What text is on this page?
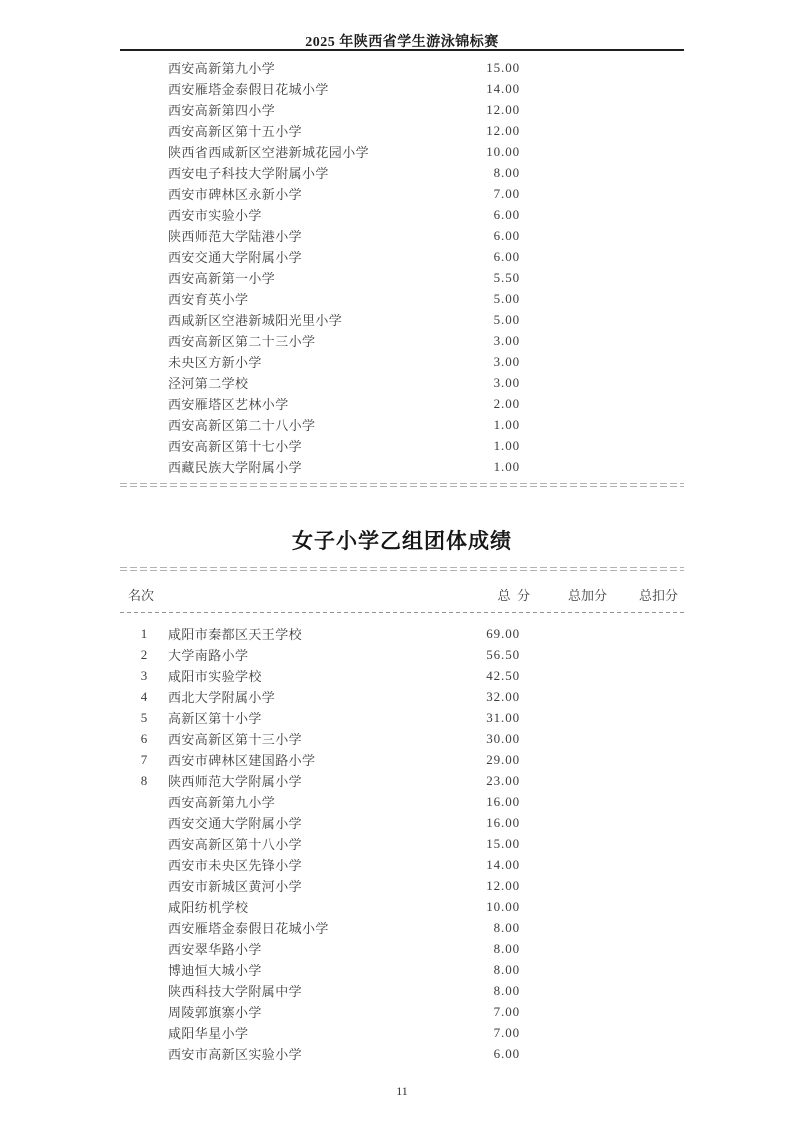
2025 年陕西省学生游泳锦标赛
西安高新第九小学	15.00
西安雁塔金泰假日花城小学	14.00
西安高新第四小学	12.00
西安高新区第十五小学	12.00
陕西省西咸新区空港新城花园小学	10.00
西安电子科技大学附属小学	8.00
西安市碑林区永新小学	7.00
西安市实验小学	6.00
陕西师范大学陆港小学	6.00
西安交通大学附属小学	6.00
西安高新第一小学	5.50
西安育英小学	5.00
西咸新区空港新城阳光里小学	5.00
西安高新区第二十三小学	3.00
未央区方新小学	3.00
泾河第二学校	3.00
西安雁塔区艺林小学	2.00
西安高新区第二十八小学	1.00
西安高新区第十七小学	1.00
西藏民族大学附属小学	1.00
女子小学乙组团体成绩
名次	总  分	总加分 总扣分
1	咸阳市秦都区天王学校	69.00
2	大学南路小学	56.50
3	咸阳市实验学校	42.50
4	西北大学附属小学	32.00
5	高新区第十小学	31.00
6	西安高新区第十三小学	30.00
7	西安市碑林区建国路小学	29.00
8	陕西师范大学附属小学	23.00
西安高新第九小学	16.00
西安交通大学附属小学	16.00
西安高新区第十八小学	15.00
西安市未央区先锋小学	14.00
西安市新城区黄河小学	12.00
咸阳纺机学校	10.00
西安雁塔金泰假日花城小学	8.00
西安翠华路小学	8.00
博迪恒大城小学	8.00
陕西科技大学附属中学	8.00
周陵郭旗寨小学	7.00
咸阳华星小学	7.00
西安市高新区实验小学	6.00
11
